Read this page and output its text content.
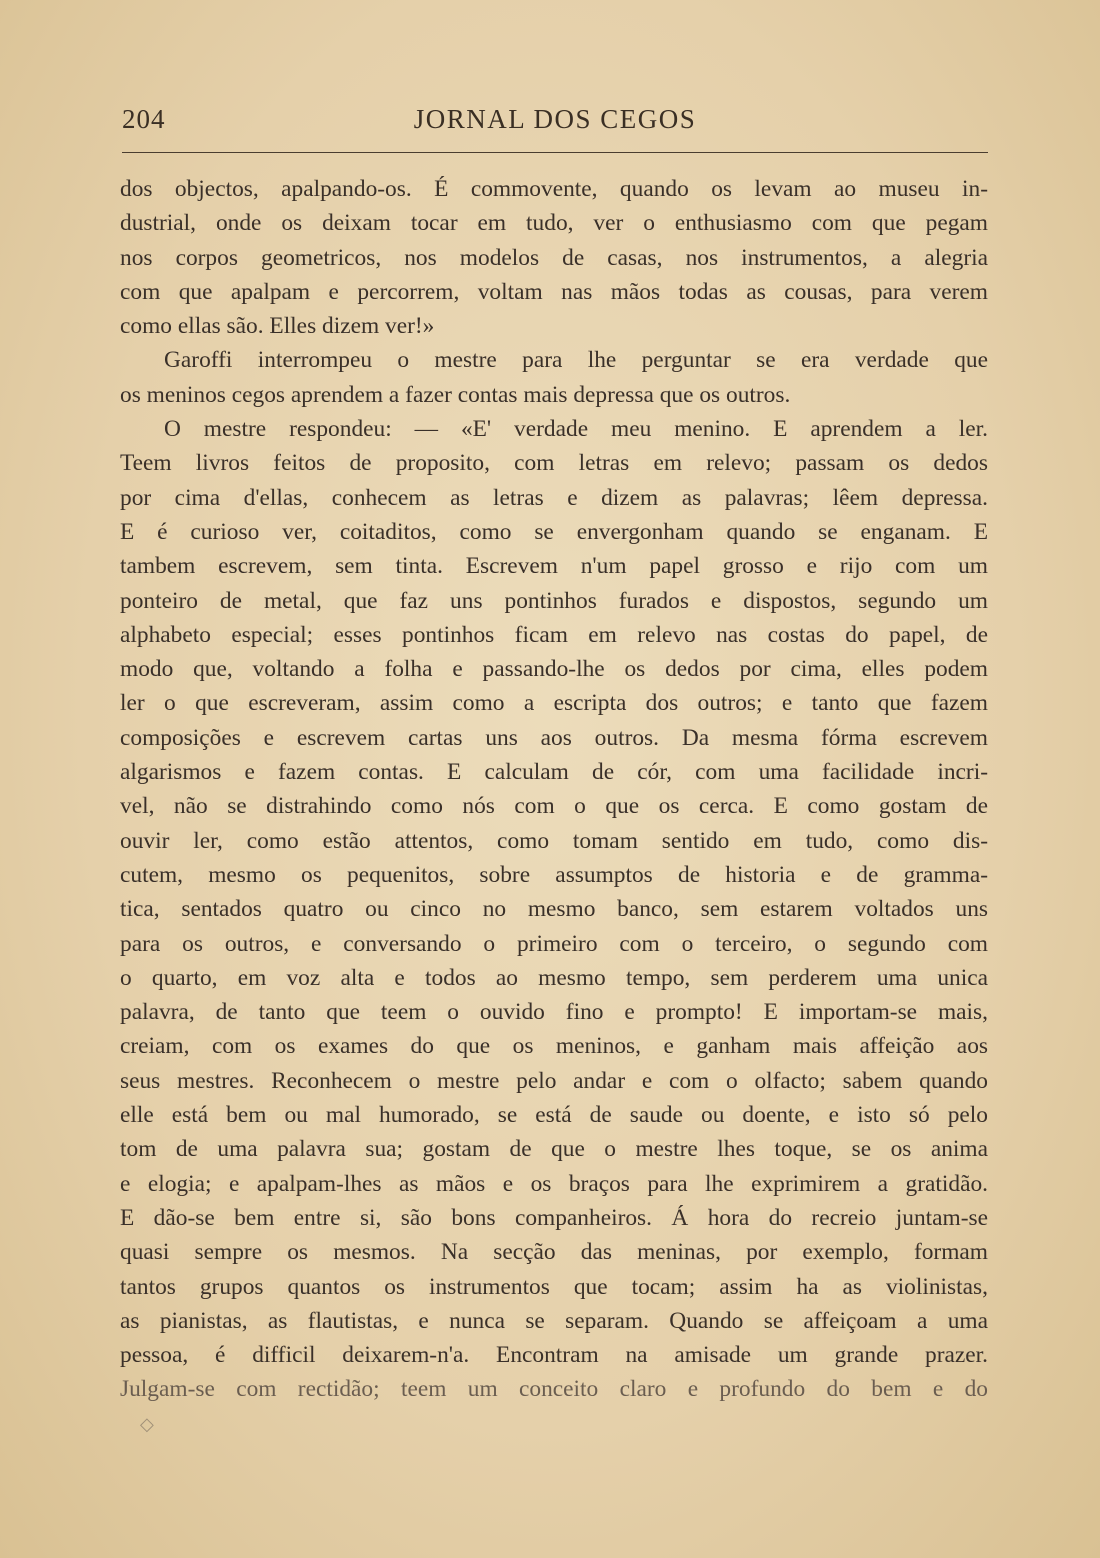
204	JORNAL DOS CEGOS
dos objectos, apalpando-os. É commovente, quando os levam ao museu in-
dustrial, onde os deixam tocar em tudo, ver o enthusiasmo com que pegam
nos corpos geometricos, nos modelos de casas, nos instrumentos, a alegria
com que apalpam e percorrem, voltam nas mãos todas as cousas, para verem
como ellas são. Elles dizem ver!»
Garoffi interrompeu o mestre para lhe perguntar se era verdade que
os meninos cegos aprendem a fazer contas mais depressa que os outros.
O mestre respondeu: — «E' verdade meu menino. E aprendem a ler.
Teem livros feitos de proposito, com letras em relevo; passam os dedos
por cima d'ellas, conhecem as letras e dizem as palavras; lêem depressa.
E é curioso ver, coitaditos, como se envergonham quando se enganam. E
tambem escrevem, sem tinta. Escrevem n'um papel grosso e rijo com um
ponteiro de metal, que faz uns pontinhos furados e dispostos, segundo um
alphabeto especial; esses pontinhos ficam em relevo nas costas do papel, de
modo que, voltando a folha e passando-lhe os dedos por cima, elles podem
ler o que escreveram, assim como a escripta dos outros; e tanto que fazem
composições e escrevem cartas uns aos outros. Da mesma fórma escrevem
algarismos e fazem contas. E calculam de cór, com uma facilidade incri-
vel, não se distrahindo como nós com o que os cerca. E como gostam de
ouvir ler, como estão attentos, como tomam sentido em tudo, como dis-
cutem, mesmo os pequenitos, sobre assumptos de historia e de gramma-
tica, sentados quatro ou cinco no mesmo banco, sem estarem voltados uns
para os outros, e conversando o primeiro com o terceiro, o segundo com
o quarto, em voz alta e todos ao mesmo tempo, sem perderem uma unica
palavra, de tanto que teem o ouvido fino e prompto! E importam-se mais,
creiam, com os exames do que os meninos, e ganham mais affeição aos
seus mestres. Reconhecem o mestre pelo andar e com o olfacto; sabem quando
elle está bem ou mal humorado, se está de saude ou doente, e isto só pelo
tom de uma palavra sua; gostam de que o mestre lhes toque, se os anima
e elogia; e apalpam-lhes as mãos e os braços para lhe exprimirem a gratidão.
E dão-se bem entre si, são bons companheiros. Á hora do recreio juntam-se
quasi sempre os mesmos. Na secção das meninas, por exemplo, formam
tantos grupos quantos os instrumentos que tocam; assim ha as violinistas,
as pianistas, as flautistas, e nunca se separam. Quando se affeiçoam a uma
pessoa, é difficil deixarem-n'a. Encontram na amisade um grande prazer.
Julgam-se com rectidão; teem um conceito claro e profundo do bem e do
◇
